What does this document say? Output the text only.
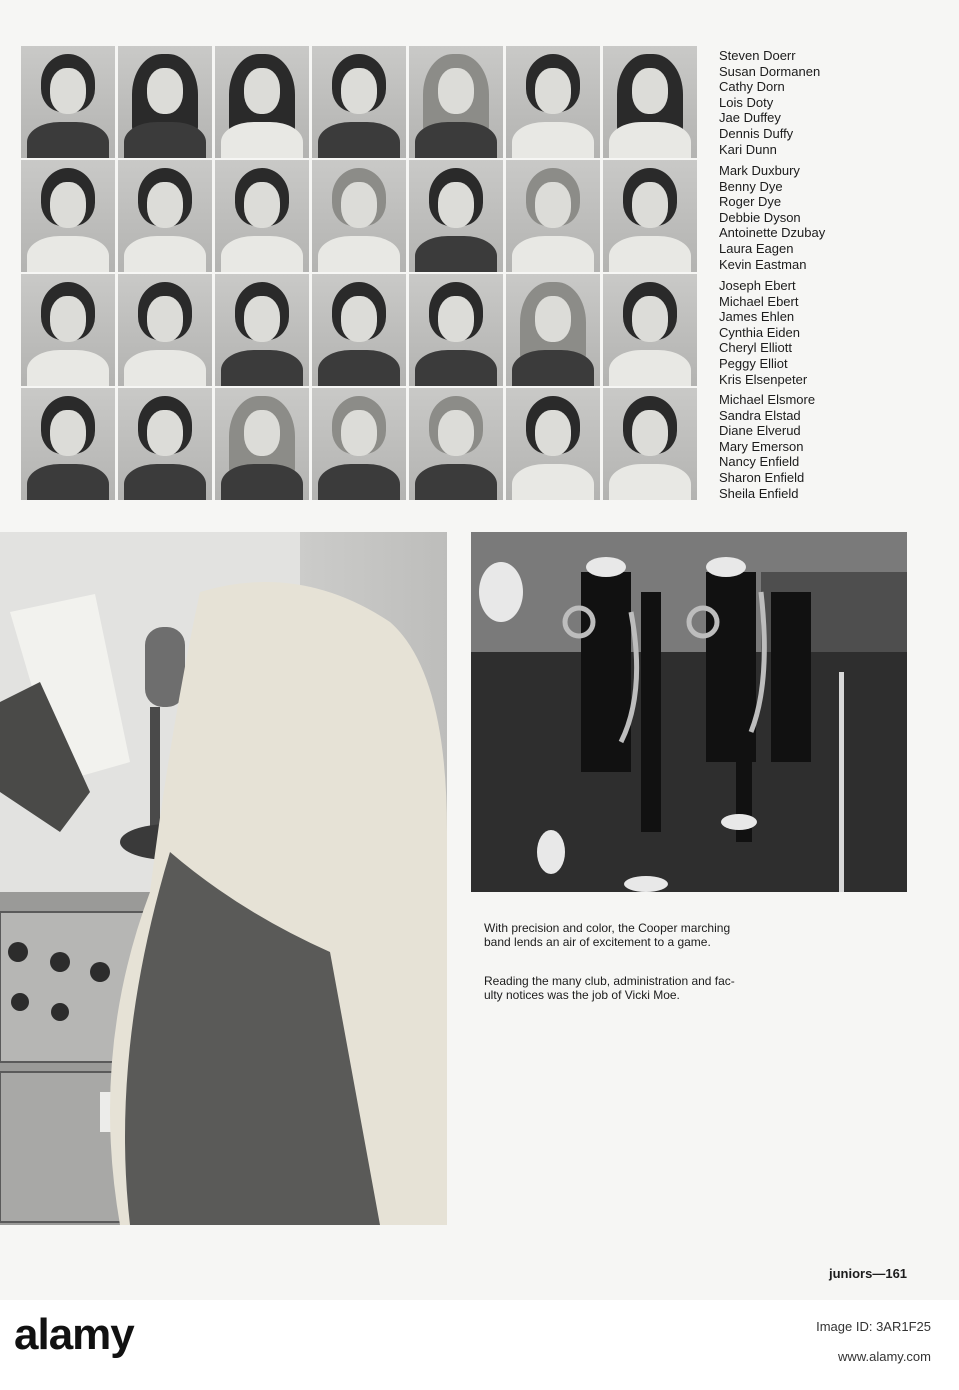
Steven Doerr
Susan Dormanen
Cathy Dorn
Lois Doty
Jae Duffey
Dennis Duffy
Kari Dunn
Mark Duxbury
Benny Dye
Roger Dye
Debbie Dyson
Antoinette Dzubay
Laura Eagen
Kevin Eastman
Joseph Ebert
Michael Ebert
James Ehlen
Cynthia Eiden
Cheryl Elliott
Peggy Elliot
Kris Elsenpeter
Michael Elsmore
Sandra Elstad
Diane Elverud
Mary Emerson
Nancy Enfield
Sharon Enfield
Sheila Enfield
With precision and color, the Cooper marching
band lends an air of excitement to a game.
Reading the many club, administration and fac-
ulty notices was the job of Vicki Moe.
juniors—161
alamy	Image ID: 3AR1F25
www.alamy.com
